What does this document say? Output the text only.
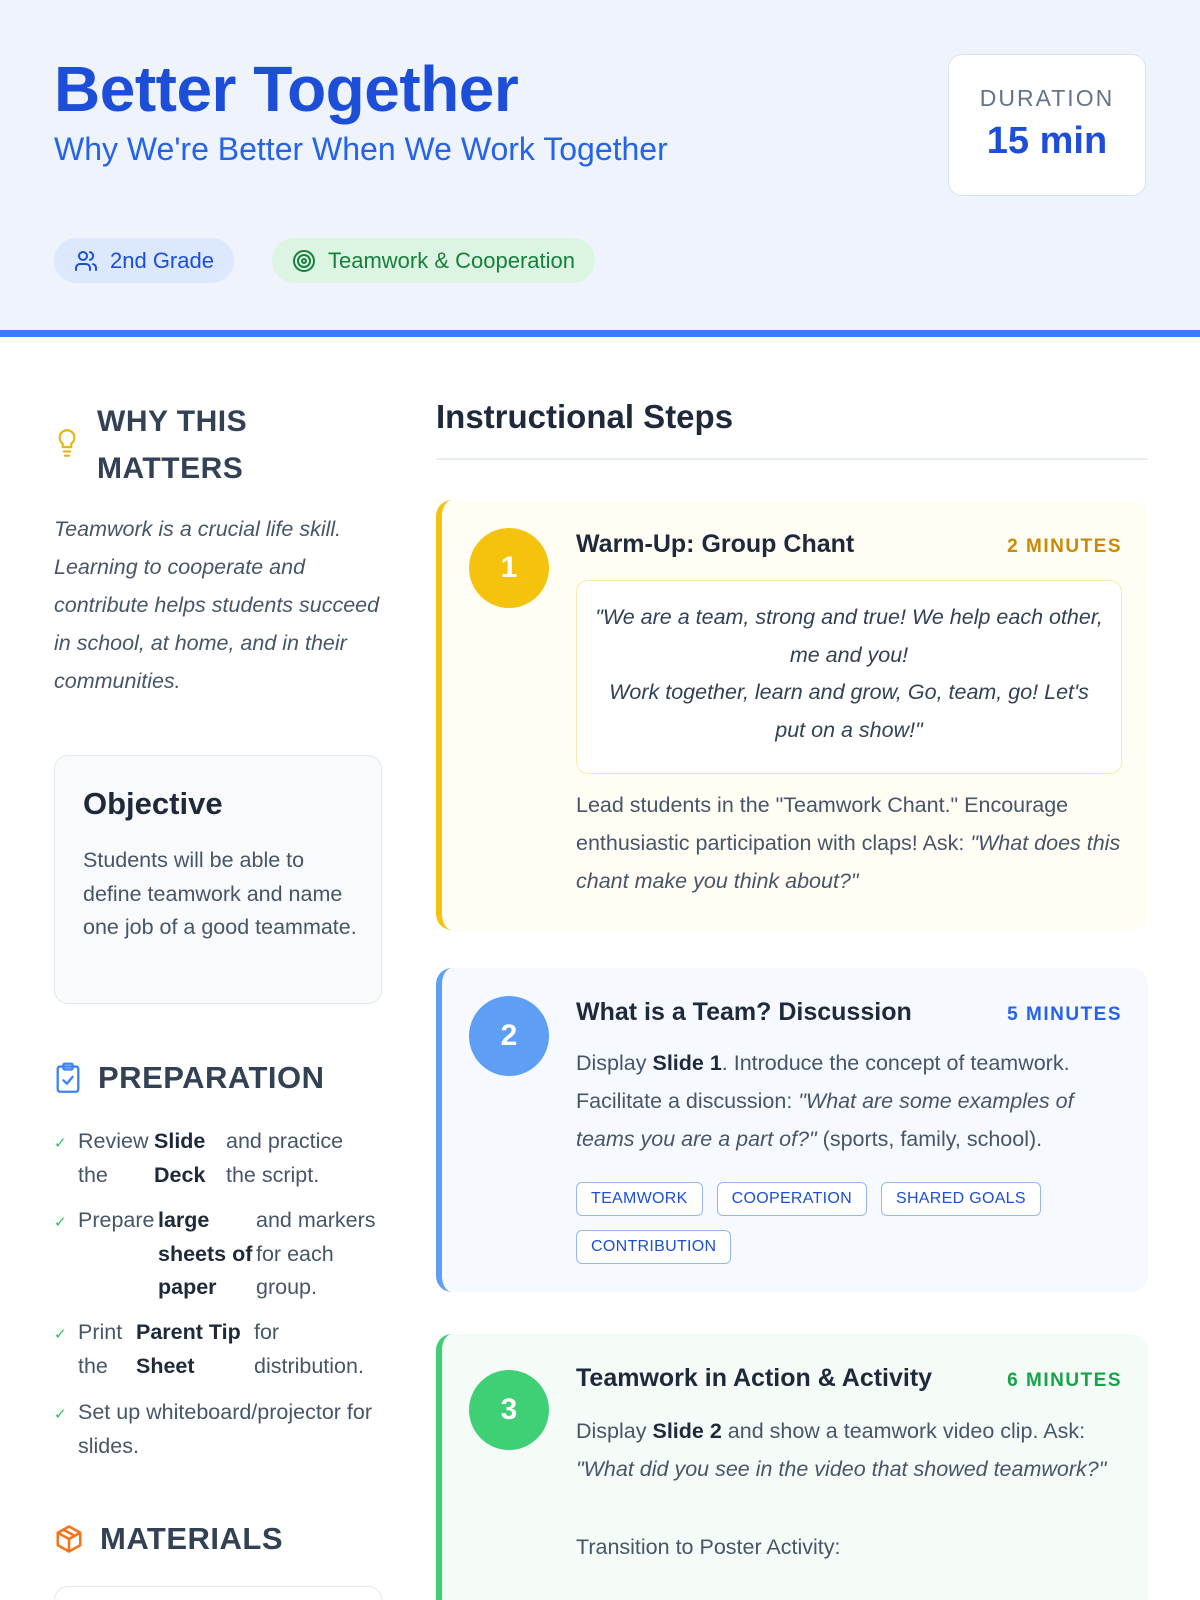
Better Together
Why We're Better When We Work Together
DURATION
15 min
2nd Grade	Teamwork & Cooperation
WHY THIS MATTERS

Teamwork is a crucial life skill. Learning to cooperate and contribute helps students succeed in school, at home, and in their communities.

Objective

Students will be able to define teamwork and name one job of a good teammate.

PREPARATION
✓ Review the
Slide Deck
and practice the script.
✓ Prepare large sheets of paper
and markers for each group.
✓ Print the
Parent Tip Sheet
for distribution.
✓ Set up whiteboard/projector for slides.
MATERIALS
Instructional Steps
1
Warm-Up: Group Chant	2 MINUTES
"We are a team, strong and true! We help each other, me and you!
Work together, learn and grow, Go, team, go! Let's put on a show!"

Lead students in the "Teamwork Chant." Encourage enthusiastic participation with claps! Ask: "What does this chant make you think about?"

2
What is a Team? Discussion	5 MINUTES

Display Slide 1. Introduce the concept of teamwork. Facilitate a discussion: "What are some examples of teams you are a part of?" (sports, family, school).

TEAMWORK	COOPERATION	SHARED GOALS
CONTRIBUTION
3
Teamwork in Action & Activity	6 MINUTES

Display Slide 2 and show a teamwork video clip. Ask: "What did you see in the video that showed teamwork?"

Transition to Poster Activity:
